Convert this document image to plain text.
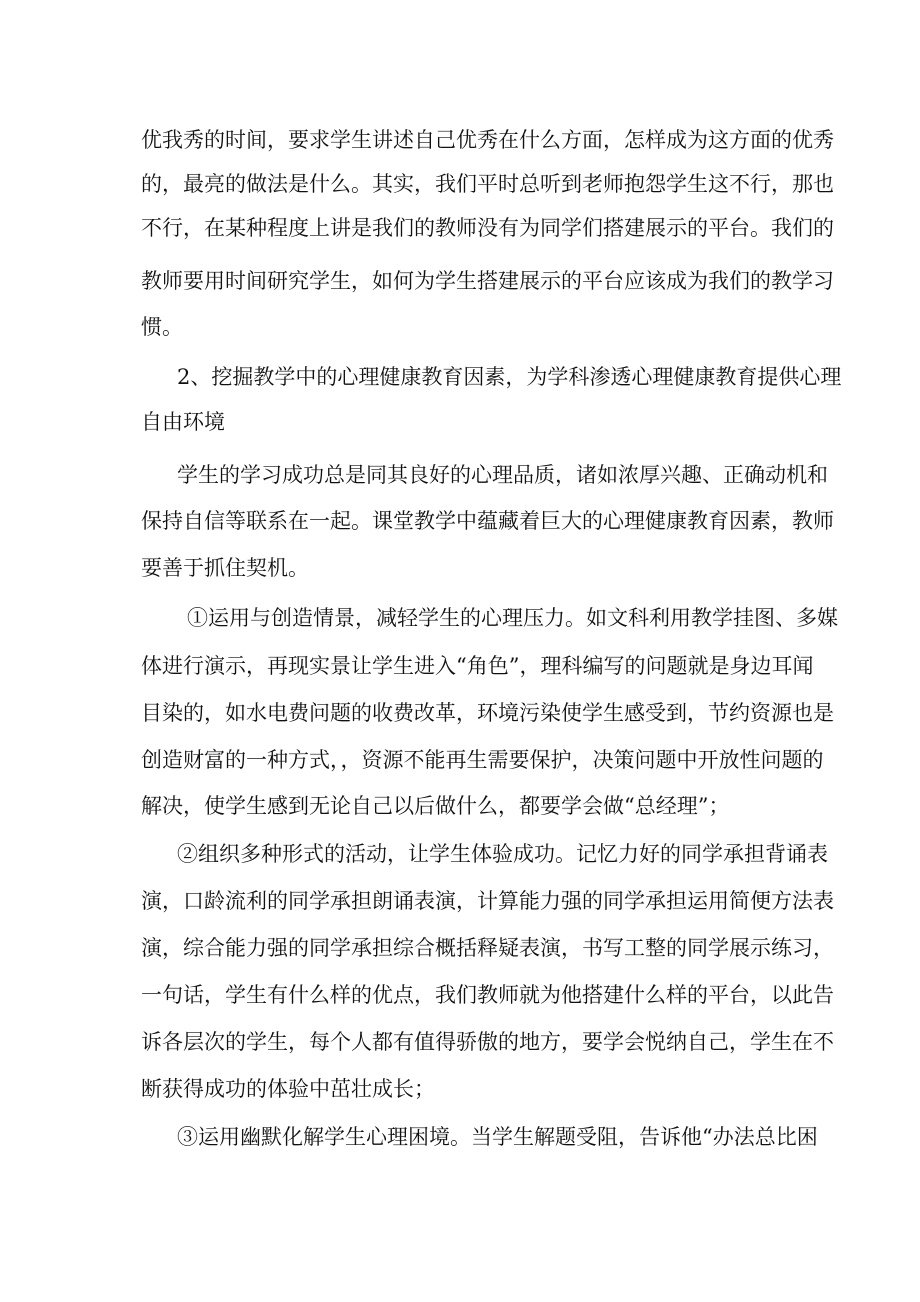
优我秀的时间，要求学生讲述自己优秀在什么方面，怎样成为这方面的优秀
的，最亮的做法是什么。其实，我们平时总听到老师抱怨学生这不行，那也
不行，在某种程度上讲是我们的教师没有为同学们搭建展示的平台。我们的
教师要用时间研究学生，如何为学生搭建展示的平台应该成为我们的教学习
惯。
2、挖掘教学中的心理健康教育因素，为学科渗透心理健康教育提供心理
自由环境
学生的学习成功总是同其良好的心理品质，诸如浓厚兴趣、正确动机和
保持自信等联系在一起。课堂教学中蕴藏着巨大的心理健康教育因素，教师
要善于抓住契机。
①运用与创造情景，减轻学生的心理压力。如文科利用教学挂图、多媒
体进行演示，再现实景让学生进入“角色”，理科编写的问题就是身边耳闻
目染的，如水电费问题的收费改革，环境污染使学生感受到，节约资源也是
创造财富的一种方式，，资源不能再生需要保护，决策问题中开放性问题的
解决，使学生感到无论自己以后做什么，都要学会做“总经理”；
②组织多种形式的活动，让学生体验成功。记忆力好的同学承担背诵表
演，口龄流利的同学承担朗诵表演，计算能力强的同学承担运用简便方法表
演，综合能力强的同学承担综合概括释疑表演，书写工整的同学展示练习，
一句话，学生有什么样的优点，我们教师就为他搭建什么样的平台，以此告
诉各层次的学生，每个人都有值得骄傲的地方，要学会悦纳自己，学生在不
断获得成功的体验中茁壮成长；
③运用幽默化解学生心理困境。当学生解题受阻，告诉他“办法总比困
